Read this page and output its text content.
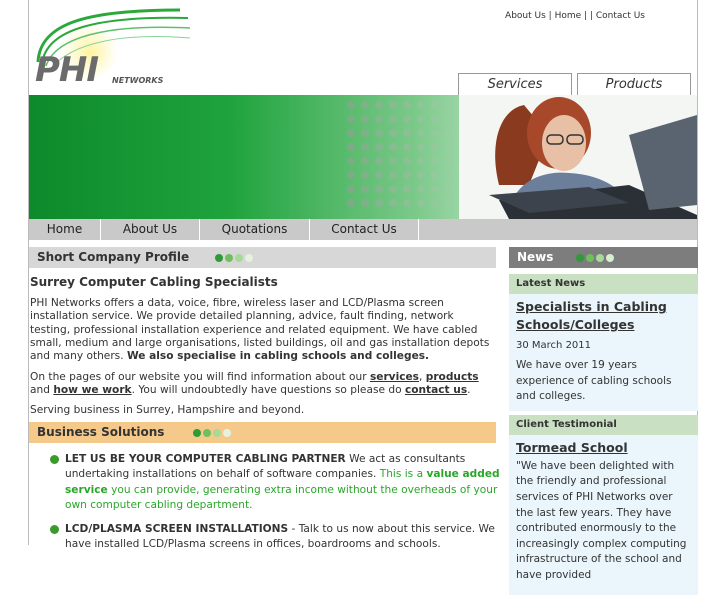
PHI NETWORKS
About Us | Home | | Contact Us
Services	Products
Home	About Us	Quotations	Contact Us
Short Company Profile
Surrey Computer Cabling Specialists
PHI Networks offers a data, voice, fibre, wireless laser and LCD/Plasma screen installation service. We provide detailed planning, advice, fault finding, network testing, professional installation experience and related equipment. We have cabled small, medium and large organisations, listed buildings, oil and gas installation depots and many others. We also specialise in cabling schools and colleges.
On the pages of our website you will find information about our services, products and how we work. You will undoubtedly have questions so please do contact us.
Serving business in Surrey, Hampshire and beyond.
Business Solutions
LET US BE YOUR COMPUTER CABLING PARTNER We act as consultants undertaking installations on behalf of software companies. This is a value added service you can provide, generating extra income without the overheads of your own computer cabling department.
LCD/PLASMA SCREEN INSTALLATIONS - Talk to us now about this service. We have installed LCD/Plasma screens in offices, boardrooms and schools.
News
Latest News
Specialists in Cabling Schools/Colleges
30 March 2011
We have over 19 years experience of cabling schools and colleges.
Client Testimonial
Tormead School
"We have been delighted with the friendly and professional services of PHI Networks over the last few years. They have contributed enormously to the increasingly complex computing infrastructure of the school and have provided
